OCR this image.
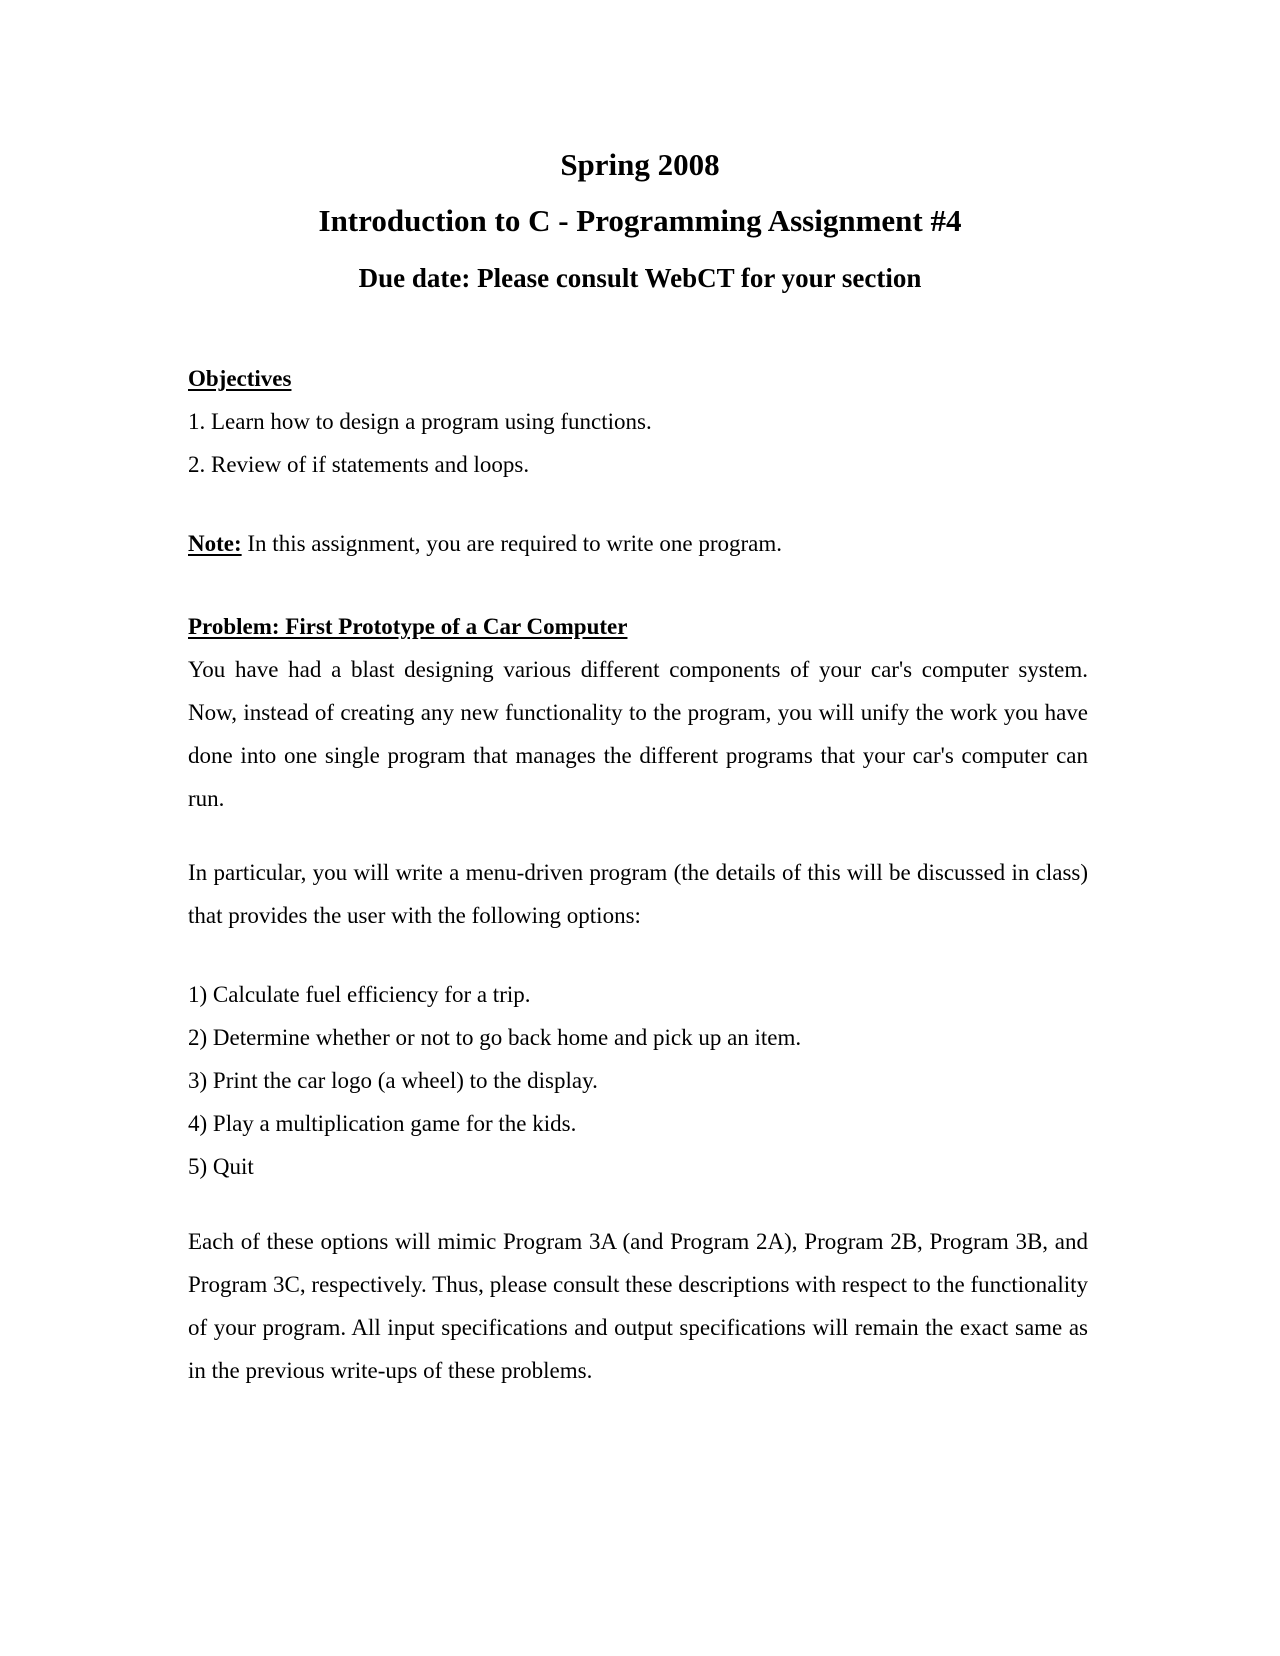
Spring 2008
Introduction to C - Programming Assignment #4
Due date: Please consult WebCT for your section
Objectives
1. Learn how to design a program using functions.
2. Review of if statements and loops.
Note: In this assignment, you are required to write one program.
Problem: First Prototype of a Car Computer
You have had a blast designing various different components of your car's computer system. Now, instead of creating any new functionality to the program, you will unify the work you have done into one single program that manages the different programs that your car's computer can run.
In particular, you will write a menu-driven program (the details of this will be discussed in class) that provides the user with the following options:
1) Calculate fuel efficiency for a trip.
2) Determine whether or not to go back home and pick up an item.
3) Print the car logo (a wheel) to the display.
4) Play a multiplication game for the kids.
5) Quit
Each of these options will mimic Program 3A (and Program 2A), Program 2B, Program 3B, and Program 3C, respectively. Thus, please consult these descriptions with respect to the functionality of your program. All input specifications and output specifications will remain the exact same as in the previous write-ups of these problems.
